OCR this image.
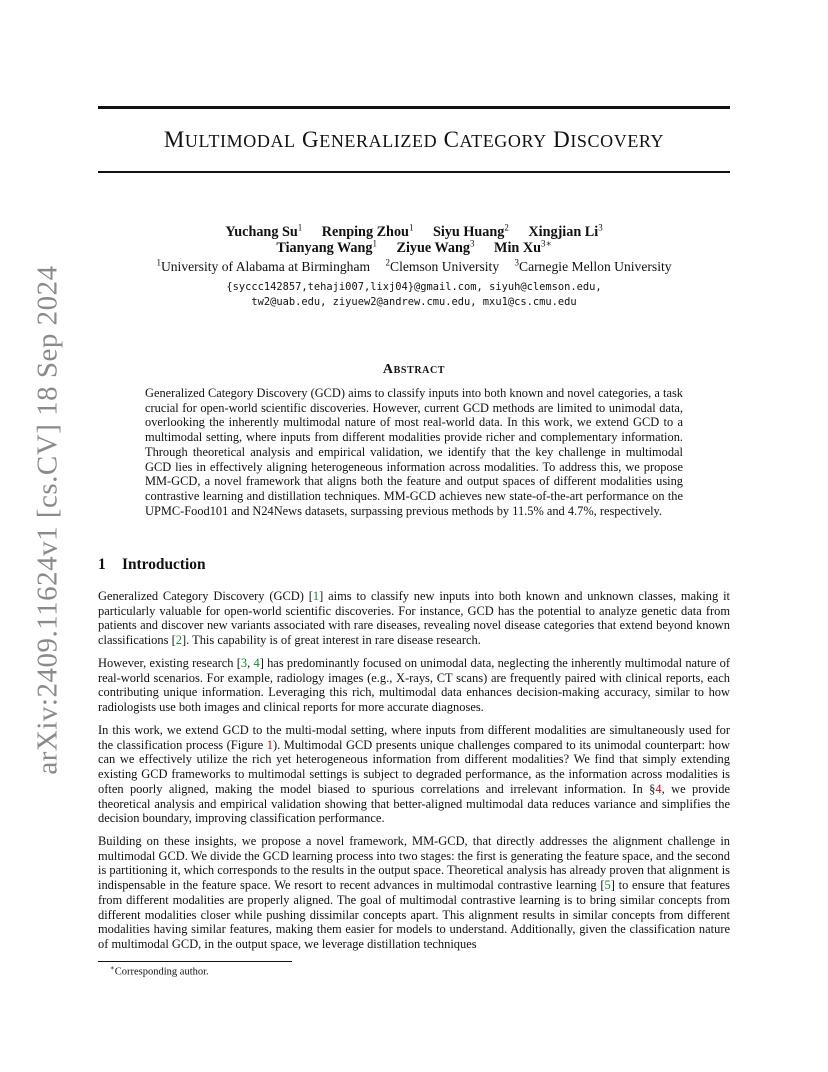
arXiv:2409.11624v1 [cs.CV] 18 Sep 2024
MULTIMODAL GENERALIZED CATEGORY DISCOVERY
Yuchang Su$^1$ Renping Zhou$^1$ Siyu Huang$^2$ Xingjian Li$^3$
Tianyang Wang$^1$ Ziyue Wang$^3$ Min $Xu^{3∗}$
$^1$University of Alabama at Birmingham $^2$Clemson University $^3$Carnegie Mellon University
{syccc142857,tehaji007,lixj04}@gmail.com, siyuh@clemson.edu,
tw2@uab.edu, ziyuew2@andrew.cmu.edu, mxu1@cs.cmu.edu
Abstract

Generalized Category Discovery (GCD) aims to classify inputs into both known and novel categories, a task crucial for open-world scientific discoveries. However, current GCD methods are limited to unimodal data, overlooking the inherently multimodal nature of most real-world data. In this work, we extend GCD to a multimodal setting, where inputs from different modalities provide richer and complementary information. Through theoretical analysis and empirical validation, we identify that the key challenge in multimodal GCD lies in effectively aligning heterogeneous information across modalities. To address this, we propose MM-GCD, a novel framework that aligns both the feature and output spaces of different modalities using contrastive learning and distillation techniques. MM-GCD achieves new state-of-the-art performance on the UPMC-Food101 and N24News datasets, surpassing previous methods by 11.5% and 4.7%, respectively.

1 Introduction

Generalized Category Discovery (GCD) [ 1 ] aims to classify new inputs into both known and unknown classes, making it particularly valuable for open-world scientific discoveries. For instance, GCD has the potential to analyze genetic data from patients and discover new variants associated with rare diseases, revealing novel disease categories that extend beyond known classifications [ 2 ] . This capability is of great interest in rare disease research.

However, existing research [3, 4] has predominantly focused on unimodal data, neglecting the inherently multimodal nature of real-world scenarios. For example, radiology images (e.g., X-rays, CT scans) are frequently paired with clinical reports, each contributing unique information. Leveraging this rich, multimodal data enhances decision-making accuracy, similar to how radiologists use both images and clinical reports for more accurate diagnoses.

In this work, we extend GCD to the multi-modal setting, where inputs from different modalities are simultaneously used for the classification process (Figure 1). Multimodal GCD presents unique challenges compared to its unimodal counterpart: how can we effectively utilize the rich yet heterogeneous information from different modalities? We find that simply extending existing GCD frameworks to multimodal settings is subject to degraded performance, as the information across modalities is often poorly aligned, making the model biased to spurious correlations and irrelevant information. In §4, we provide theoretical analysis and empirical validation showing that better-aligned multimodal data reduces variance and simplifies the decision boundary, improving classification performance.

Building on these insights, we propose a novel framework, MM-GCD, that directly addresses the alignment challenge in multimodal GCD. We divide the GCD learning process into two stages: the first is generating the feature space, and the second is partitioning it, which corresponds to the results in the output space. Theoretical analysis has already proven that alignment is indispensable in the feature space. We resort to recent advances in multimodal contrastive learning [ 5 ] to ensure that features from different modalities are properly aligned. The goal of multimodal contrastive learning is to bring similar concepts from different modalities closer while pushing dissimilar concepts apart. This alignment results in similar concepts from different modalities having similar features, making them easier for models to understand. Additionally, given the classification nature of multimodal GCD, in the output space, we leverage distillation techniques

∗Corresponding author.
